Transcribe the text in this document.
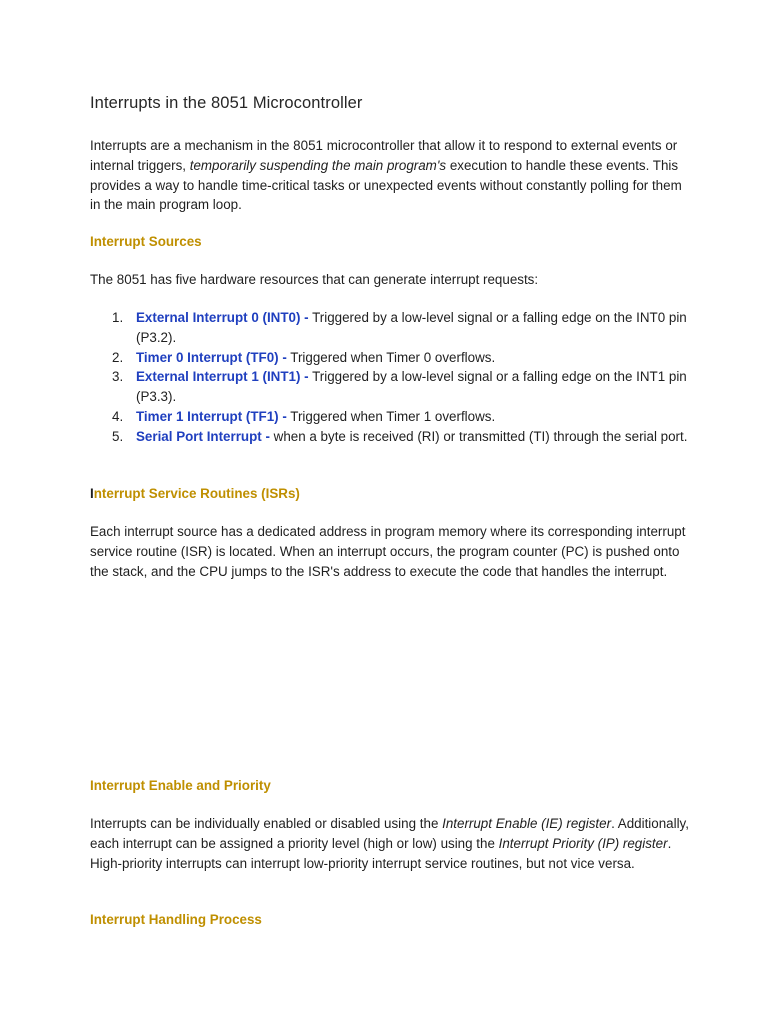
Interrupts in the 8051 Microcontroller

Interrupts are a mechanism in the 8051 microcontroller that allow it to respond to external events or internal triggers, temporarily suspending the main program's execution to handle these events. This provides a way to handle time-critical tasks or unexpected events without constantly polling for them in the main program loop.

Interrupt Sources

The 8051 has five hardware resources that can generate interrupt requests:

1. External Interrupt 0 (INT0) - Triggered by a low-level signal or a falling edge on the INT0 pin (P3.2).
2. Timer 0 Interrupt (TF0) - Triggered when Timer 0 overflows.
3. External Interrupt 1 (INT1) - Triggered by a low-level signal or a falling edge on the INT1 pin (P3.3).
4. Timer 1 Interrupt (TF1) - Triggered when Timer 1 overflows.
5. Serial Port Interrupt - when a byte is received (RI) or transmitted (TI) through the serial port.
Interrupt Service Routines (ISRs)

Each interrupt source has a dedicated address in program memory where its corresponding interrupt service routine (ISR) is located. When an interrupt occurs, the program counter (PC) is pushed onto the stack, and the CPU jumps to the ISR's address to execute the code that handles the interrupt.

Interrupt Enable and Priority

Interrupts can be individually enabled or disabled using the Interrupt Enable (IE) register. Additionally, each interrupt can be assigned a priority level (high or low) using the Interrupt Priority (IP) register. High-priority interrupts can interrupt low-priority interrupt service routines, but not vice versa.

Interrupt Handling Process
